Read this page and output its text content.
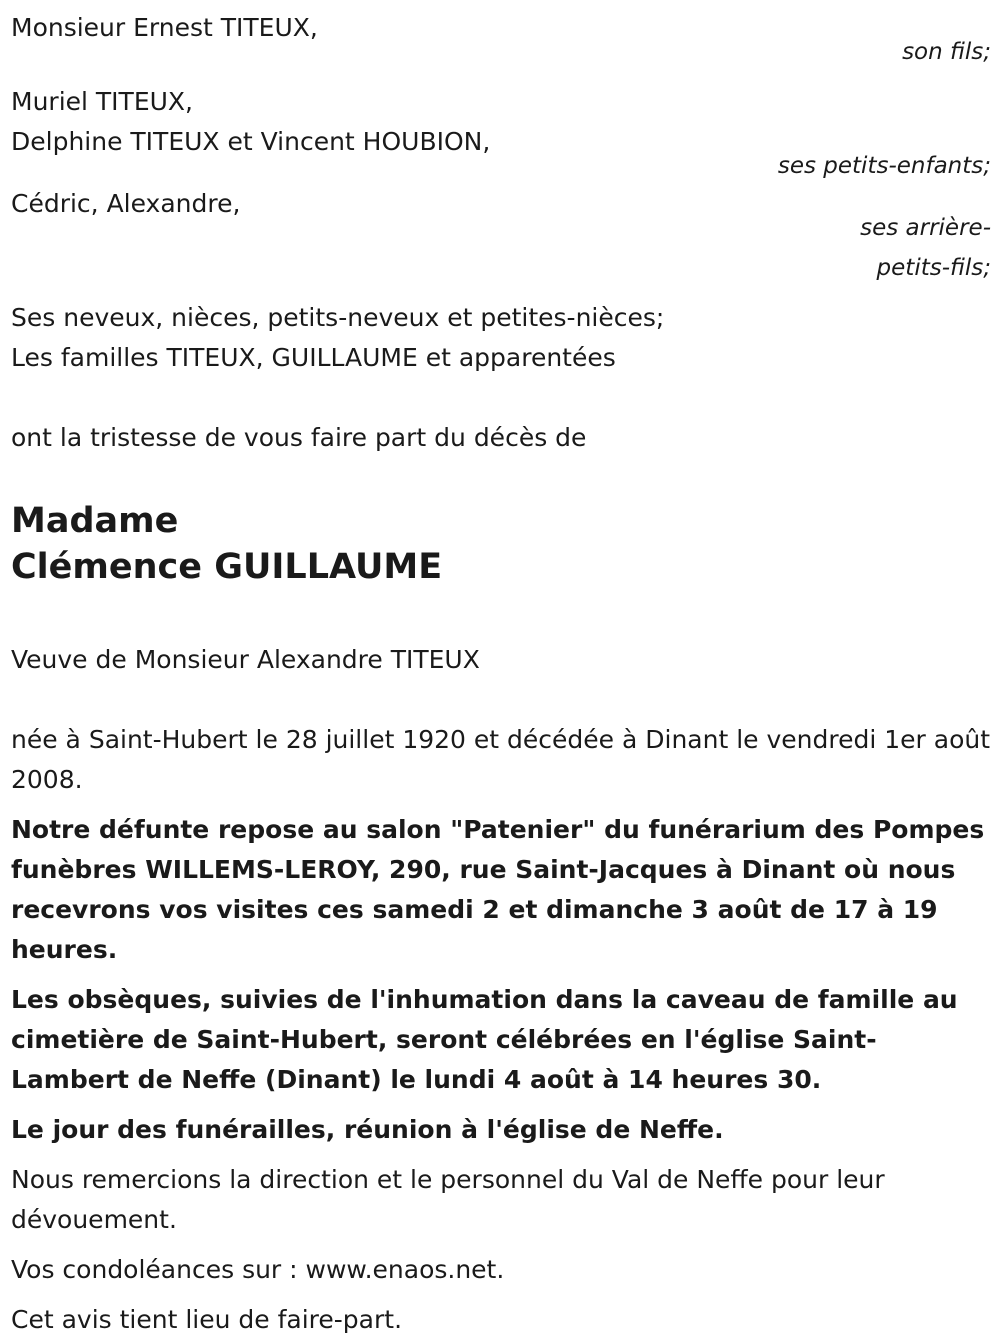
Monsieur Ernest TITEUX,
son fils;
Muriel TITEUX,
Delphine TITEUX et Vincent HOUBION,
ses petits-enfants;
Cédric, Alexandre,
ses arrière-
petits-fils;
Ses neveux, nièces, petits-neveux et petites-nièces;
Les familles TITEUX, GUILLAUME et apparentées
ont la tristesse de vous faire part du décès de
Madame
Clémence GUILLAUME
Veuve de Monsieur Alexandre TITEUX
née à Saint-Hubert le 28 juillet 1920 et décédée à Dinant le vendredi 1er août 2008.
Notre défunte repose au salon "Patenier" du funérarium des Pompes funèbres WILLEMS-LEROY, 290, rue Saint-Jacques à Dinant où nous recevrons vos visites ces samedi 2 et dimanche 3 août de 17 à 19 heures.
Les obsèques, suivies de l'inhumation dans la caveau de famille au cimetière de Saint-Hubert, seront célébrées en l'église Saint-Lambert de Neffe (Dinant) le lundi 4 août à 14 heures 30.
Le jour des funérailles, réunion à l'église de Neffe.
Nous remercions la direction et le personnel du Val de Neffe pour leur dévouement.
Vos condoléances sur : www.enaos.net.
Cet avis tient lieu de faire-part.
